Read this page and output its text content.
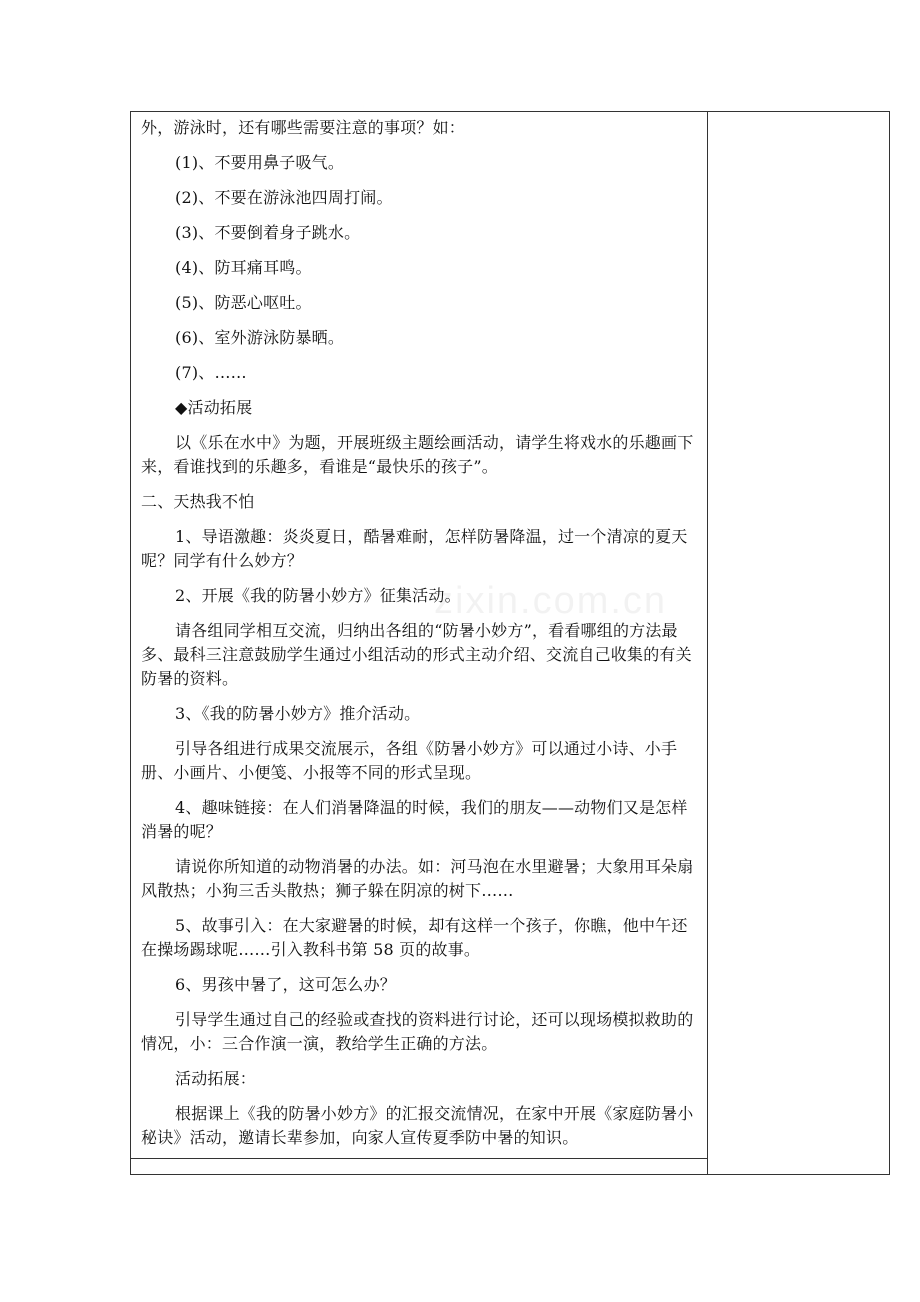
外，游泳时，还有哪些需要注意的事项？如：

(1)、不要用鼻子吸气。

(2)、不要在游泳池四周打闹。

(3)、不要倒着身子跳水。

(4)、防耳痛耳鸣。

(5)、防恶心呕吐。

(6)、室外游泳防暴晒。

(7)、……

◆活动拓展

以《乐在水中》为题，开展班级主题绘画活动，请学生将戏水的乐趣画下来，看谁找到的乐趣多，看谁是“最快乐的孩子”。

二、天热我不怕

1、导语激趣：炎炎夏日，酷暑难耐，怎样防暑降温，过一个清凉的夏天呢？同学有什么妙方？

2、开展《我的防暑小妙方》征集活动。

请各组同学相互交流，归纳出各组的“防暑小妙方”，看看哪组的方法最多、最科三注意鼓励学生通过小组活动的形式主动介绍、交流自己收集的有关防暑的资料。

3、《我的防暑小妙方》推介活动。

引导各组进行成果交流展示，各组《防暑小妙方》可以通过小诗、小手册、小画片、小便笺、小报等不同的形式呈现。

4、趣味链接：在人们消暑降温的时候，我们的朋友——动物们又是怎样消暑的呢？

请说你所知道的动物消暑的办法。如：河马泡在水里避暑；大象用耳朵扇风散热；小狗三舌头散热；狮子躲在阴凉的树下……

5、故事引入：在大家避暑的时候，却有这样一个孩子，你瞧，他中午还在操场踢球呢……引入教科书第 58 页的故事。

6、男孩中暑了，这可怎么办？

引导学生通过自己的经验或查找的资料进行讨论，还可以现场模拟救助的情况，小：三合作演一演，教给学生正确的方法。

活动拓展：

根据课上《我的防暑小妙方》的汇报交流情况，在家中开展《家庭防暑小秘诀》活动，邀请长辈参加，向家人宣传夏季防中暑的知识。

zixin.com.cn
